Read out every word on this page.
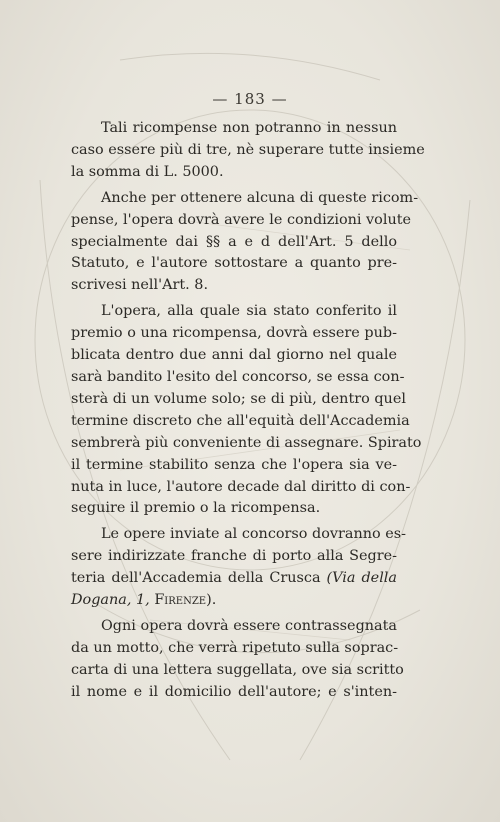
— 183 —
Tali ricompense non potranno in nessun
caso essere più di tre, nè superare tutte insieme
la somma di L. 5000.
Anche per ottenere alcuna di queste ricom-
pense, l'opera dovrà avere le condizioni volute
specialmente dai §§ a e d dell'Art. 5 dello
Statuto, e l'autore sottostare a quanto pre-
scrivesi nell'Art. 8.
L'opera, alla quale sia stato conferito il
premio o una ricompensa, dovrà essere pub-
blicata dentro due anni dal giorno nel quale
sarà bandito l'esito del concorso, se essa con-
sterà di un volume solo; se di più, dentro quel
termine discreto che all'equità dell'Accademia
sembrerà più conveniente di assegnare. Spirato
il termine stabilito senza che l'opera sia ve-
nuta in luce, l'autore decade dal diritto di con-
seguire il premio o la ricompensa.
Le opere inviate al concorso dovranno es-
sere indirizzate franche di porto alla Segre-
teria dell'Accademia della Crusca (Via della
Dogana, 1, Firenze).
Ogni opera dovrà essere contrassegnata
da un motto, che verrà ripetuto sulla soprac-
carta di una lettera suggellata, ove sia scritto
il nome e il domicilio dell'autore; e s'inten-
